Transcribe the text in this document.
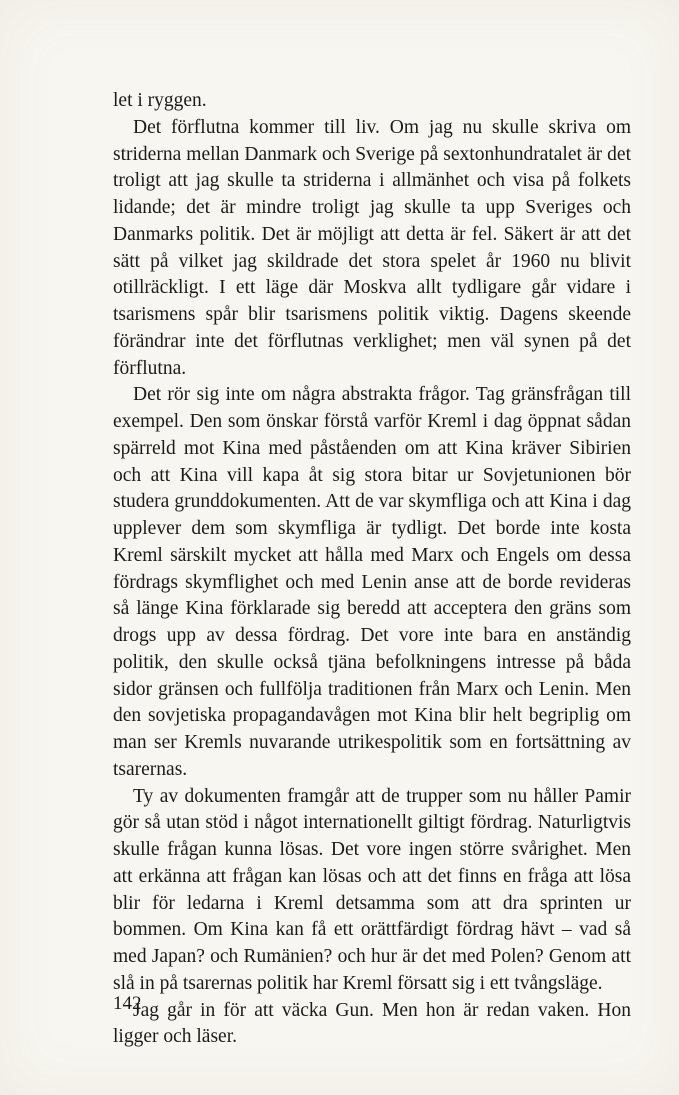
let i ryggen.

Det förflutna kommer till liv. Om jag nu skulle skriva om striderna mellan Danmark och Sverige på sextonhundratalet är det troligt att jag skulle ta striderna i allmänhet och visa på folkets lidande; det är mindre troligt jag skulle ta upp Sveriges och Danmarks politik. Det är möjligt att detta är fel. Säkert är att det sätt på vilket jag skildrade det stora spelet år 1960 nu blivit otillräckligt. I ett läge där Moskva allt tydligare går vidare i tsarismens spår blir tsarismens politik viktig. Dagens skeende förändrar inte det förflutnas verklighet; men väl synen på det förflutna.

Det rör sig inte om några abstrakta frågor. Tag gränsfrågan till exempel. Den som önskar förstå varför Kreml i dag öppnat sådan spärreld mot Kina med påståenden om att Kina kräver Sibirien och att Kina vill kapa åt sig stora bitar ur Sovjetunionen bör studera grunddokumenten. Att de var skymfliga och att Kina i dag upplever dem som skymfliga är tydligt. Det borde inte kosta Kreml särskilt mycket att hålla med Marx och Engels om dessa fördrags skymflighet och med Lenin anse att de borde revideras så länge Kina förklarade sig beredd att acceptera den gräns som drogs upp av dessa fördrag. Det vore inte bara en anständig politik, den skulle också tjäna befolkningens intresse på båda sidor gränsen och fullfölja traditionen från Marx och Lenin. Men den sovjetiska propagandavågen mot Kina blir helt begriplig om man ser Kremls nuvarande utrikespolitik som en fortsättning av tsarernas.

Ty av dokumenten framgår att de trupper som nu håller Pamir gör så utan stöd i något internationellt giltigt fördrag. Naturligtvis skulle frågan kunna lösas. Det vore ingen större svårighet. Men att erkänna att frågan kan lösas och att det finns en fråga att lösa blir för ledarna i Kreml detsamma som att dra sprinten ur bommen. Om Kina kan få ett orättfärdigt fördrag hävt – vad så med Japan? och Rumänien? och hur är det med Polen? Genom att slå in på tsarernas politik har Kreml försatt sig i ett tvångsläge.

Jag går in för att väcka Gun. Men hon är redan vaken. Hon ligger och läser.

142
